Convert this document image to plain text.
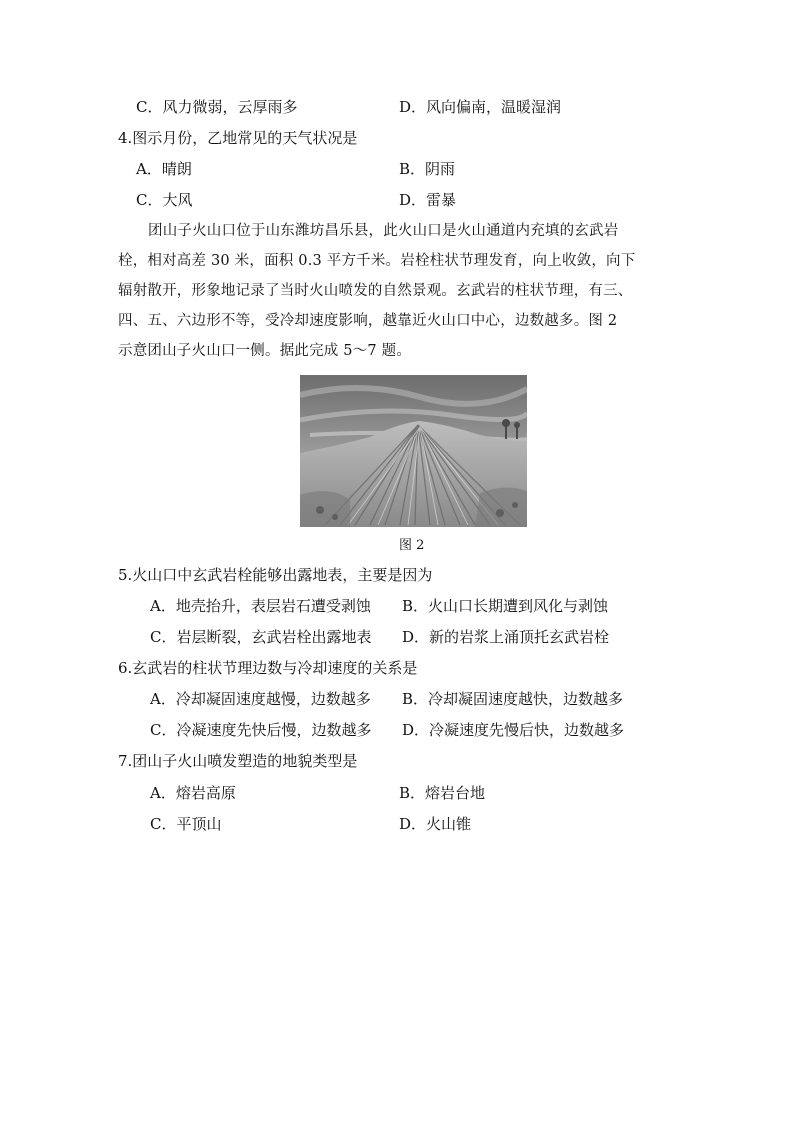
C．风力微弱，云厚雨多	D．风向偏南，温暖湿润
4.图示月份，乙地常见的天气状况是
A．晴朗	B．阴雨
C．大风	D．雷暴
团山子火山口位于山东潍坊昌乐县，此火山口是火山通道内充填的玄武岩
栓，相对高差 30 米，面积 0.3 平方千米。岩栓柱状节理发育，向上收敛，向下
辐射散开，形象地记录了当时火山喷发的自然景观。玄武岩的柱状节理，有三、
四、五、六边形不等，受冷却速度影响，越靠近火山口中心，边数越多。图 2
示意团山子火山口一侧。据此完成 5～7 题。
图 2
5.火山口中玄武岩栓能够出露地表，主要是因为
A．地壳抬升，表层岩石遭受剥蚀 B．火山口长期遭到风化与剥蚀
C．岩层断裂，玄武岩栓出露地表 D．新的岩浆上涌顶托玄武岩栓
6.玄武岩的柱状节理边数与冷却速度的关系是
A．冷却凝固速度越慢，边数越多 B．冷却凝固速度越快，边数越多
C．冷凝速度先快后慢，边数越多 D．冷凝速度先慢后快，边数越多
7.团山子火山喷发塑造的地貌类型是
A．熔岩高原	B．熔岩台地
C．平顶山	D．火山锥
